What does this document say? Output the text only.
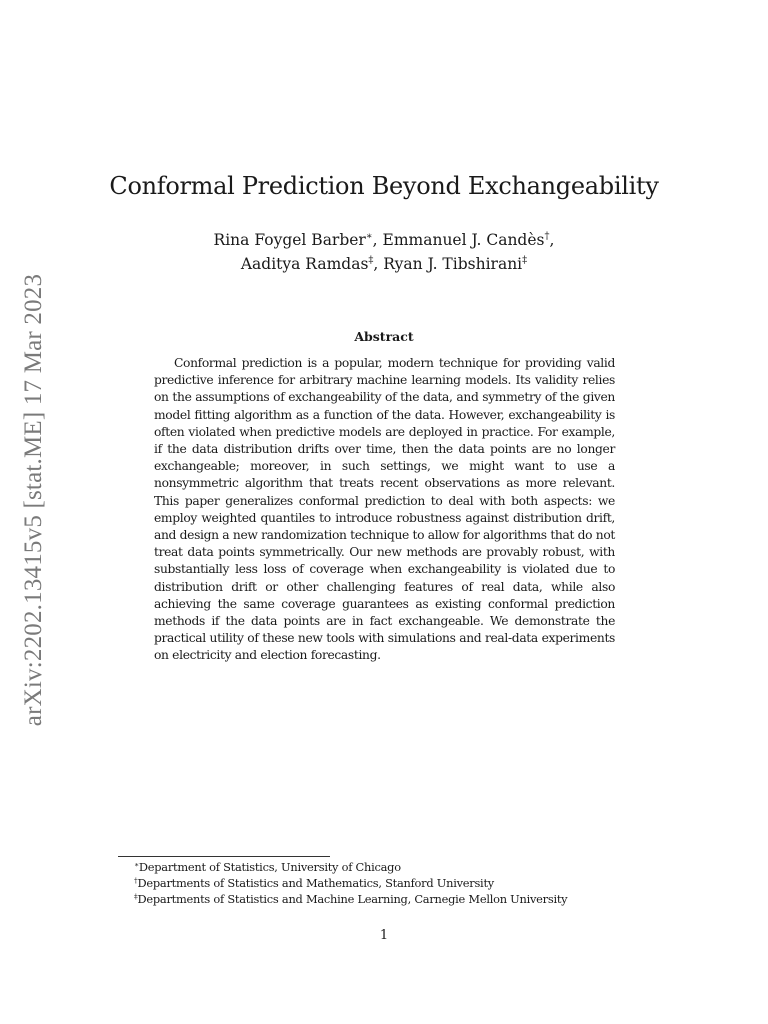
arXiv:2202.13415v5 [stat.ME] 17 Mar 2023
Conformal Prediction Beyond Exchangeability
Rina Foygel Barber∗, Emmanuel J. Candès†,
Aaditya Ramdas‡, Ryan J. Tibshirani‡
Abstract

Conformal prediction is a popular, modern technique for providing valid predictive inference for arbitrary machine learning models. Its validity relies on the assumptions of exchangeability of the data, and symmetry of the given model fitting algorithm as a function of the data. However, exchangeability is often violated when predictive models are deployed in practice. For example, if the data distribution drifts over time, then the data points are no longer exchangeable; moreover, in such settings, we might want to use a nonsymmetric algorithm that treats recent observations as more relevant. This paper generalizes conformal prediction to deal with both aspects: we employ weighted quantiles to introduce robustness against distribution drift, and design a new randomization technique to allow for algorithms that do not treat data points symmetrically. Our new methods are provably robust, with substantially less loss of coverage when exchangeability is violated due to distribution drift or other challenging features of real data, while also achieving the same coverage guarantees as existing conformal prediction methods if the data points are in fact exchangeable. We demonstrate the practical utility of these new tools with simulations and real-data experiments on electricity and election forecasting.

∗Department of Statistics, University of Chicago
†Departments of Statistics and Mathematics, Stanford University
‡Departments of Statistics and Machine Learning, Carnegie Mellon University
1
